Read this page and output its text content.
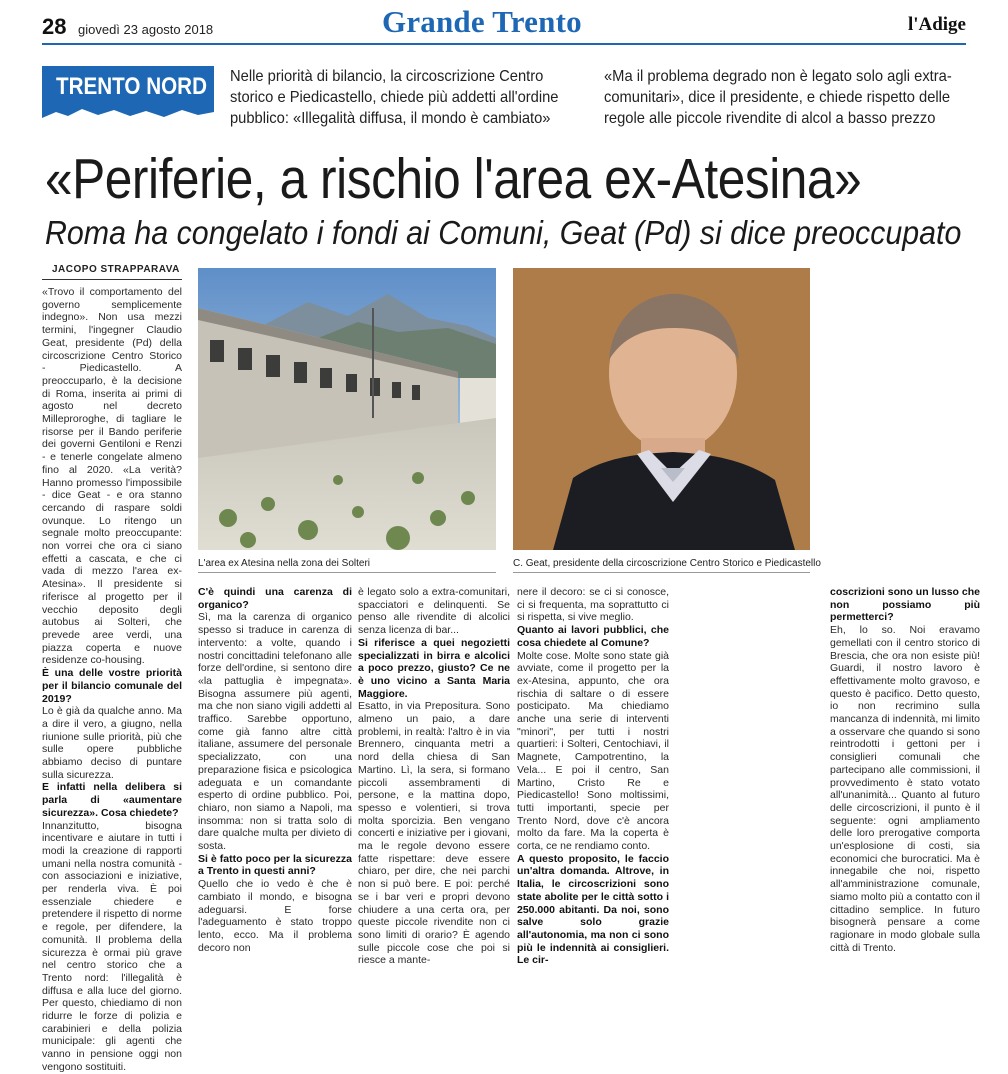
28 giovedì 23 agosto 2018	Grande Trento	l'Adige
TRENTO NORD Nelle priorità di bilancio, la circoscrizione Centro storico e Piedicastello, chiede più addetti all'ordine pubblico: «Illegalità diffusa, il mondo è cambiato»
«Ma il problema degrado non è legato solo agli extra-comunitari», dice il presidente, e chiede rispetto delle regole alle piccole rivendite di alcol a basso prezzo
«Periferie, a rischio l'area ex-Atesina»
Roma ha congelato i fondi ai Comuni, Geat (Pd) si dice preoccupato
JACOPO STRAPPARAVA
L'area ex Atesina nella zona dei Solteri	C. Geat, presidente della circoscrizione Centro Storico e Piedicastello

«Trovo il comportamento del governo semplicemente indegno». Non usa mezzi termini, l'ingegner Claudio Geat, presidente (Pd) della circoscrizione Centro Storico - Piedicastello. A preoccuparlo, è la decisione di Roma, inserita ai primi di agosto nel decreto Milleproroghe, di tagliare le risorse per il Bando periferie dei governi Gentiloni e Renzi - e tenerle congelate almeno fino al 2020. «La verità? Hanno promesso l'impossibile - dice Geat - e ora stanno cercando di raspare soldi ovunque. Lo ritengo un segnale molto preoccupante: non vorrei che ora ci siano effetti a cascata, e che ci vada di mezzo l'area ex-Atesina». Il presidente si riferisce al progetto per il vecchio deposito degli autobus ai Solteri, che prevede aree verdi, una piazza coperta e nuove residenze co-housing.

È una delle vostre priorità per il bilancio comunale del 2019?

Lo è già da qualche anno. Ma a dire il vero, a giugno, nella riunione sulle priorità, più che sulle opere pubbliche abbiamo deciso di puntare sulla sicurezza.

E infatti nella delibera si parla di «aumentare sicurezza». Cosa chiedete?

Innanzitutto, bisogna incentivare e aiutare in tutti i modi la creazione di rapporti umani nella nostra comunità - con associazioni e iniziative, per renderla viva. È poi essenziale chiedere e pretendere il rispetto di norme e regole, per difendere, la comunità. Il problema della sicurezza è ormai più grave nel centro storico che a Trento nord: l'illegalità è diffusa e alla luce del giorno. Per questo, chiediamo di non ridurre le forze di polizia e carabinieri e della polizia municipale: gli agenti che vanno in pensione oggi non vengono sostituiti.

C'è quindi una carenza di organico?

Sì, ma la carenza di organico spesso si traduce in carenza di intervento: a volte, quando i nostri concittadini telefonano alle forze dell'ordine, si sentono dire «la pattuglia è impegnata». Bisogna assumere più agenti, ma che non siano vigili addetti al traffico. Sarebbe opportuno, come già fanno altre città italiane, assumere del personale specializzato, con una preparazione fisica e psicologica adeguata e un comandante esperto di ordine pubblico. Poi, chiaro, non siamo a Napoli, ma insomma: non si tratta solo di dare qualche multa per divieto di sosta.

Si è fatto poco per la sicurezza a Trento in questi anni?

Quello che io vedo è che è cambiato il mondo, e bisogna adeguarsi. E forse l'adeguamento è stato troppo lento, ecco. Ma il problema decoro non

è legato solo a extra-comunitari, spacciatori e delinquenti. Se penso alle rivendite di alcolici senza licenza di bar...

Si riferisce a quei negozietti specializzati in birra e alcolici a poco prezzo, giusto? Ce ne è uno vicino a Santa Maria Maggiore.

Esatto, in via Prepositura. Sono almeno un paio, a dare problemi, in realtà: l'altro è in via Brennero, cinquanta metri a nord della chiesa di San Martino. Lì, la sera, si formano piccoli assembramenti di persone, e la mattina dopo, spesso e volentieri, si trova molta sporcizia. Ben vengano concerti e iniziative per i giovani, ma le regole devono essere fatte rispettare: deve essere chiaro, per dire, che nei parchi non si può bere. E poi: perché se i bar veri e propri devono chiudere a una certa ora, per queste piccole rivendite non ci sono limiti di orario? È agendo sulle piccole cose che poi si riesce a mante-

nere il decoro: se ci si conosce, ci si frequenta, ma soprattutto ci si rispetta, si vive meglio.

Quanto ai lavori pubblici, che cosa chiedete al Comune?

Molte cose. Molte sono state già avviate, come il progetto per la ex-Atesina, appunto, che ora rischia di saltare o di essere posticipato. Ma chiediamo anche una serie di interventi "minori", per tutti i nostri quartieri: i Solteri, Centochiavi, il Magnete, Campotrentino, la Vela... E poi il centro, San Martino, Cristo Re e Piedicastello! Sono moltissimi, tutti importanti, specie per Trento Nord, dove c'è ancora molto da fare. Ma la coperta è corta, ce ne rendiamo conto.

A questo proposito, le faccio un'altra domanda. Altrove, in Italia, le circoscrizioni sono state abolite per le città sotto i 250.000 abitanti. Da noi, sono salve solo grazie all'autonomia, ma non ci sono più le indennità ai consiglieri. Le cir-

coscrizioni sono un lusso che non possiamo più permetterci?

Eh, lo so. Noi eravamo gemellati con il centro storico di Brescia, che ora non esiste più! Guardi, il nostro lavoro è effettivamente molto gravoso, e questo è pacifico. Detto questo, io non recrimino sulla mancanza di indennità, mi limito a osservare che quando si sono reintrodotti i gettoni per i consiglieri comunali che partecipano alle commissioni, il provvedimento è stato votato all'unanimità... Quanto al futuro delle circoscrizioni, il punto è il seguente: ogni ampliamento delle loro prerogative comporta un'esplosione di costi, sia economici che burocratici. Ma è innegabile che noi, rispetto all'amministrazione comunale, siamo molto più a contatto con il cittadino semplice. In futuro bisognerà pensare a come ragionare in modo globale sulla città di Trento.
